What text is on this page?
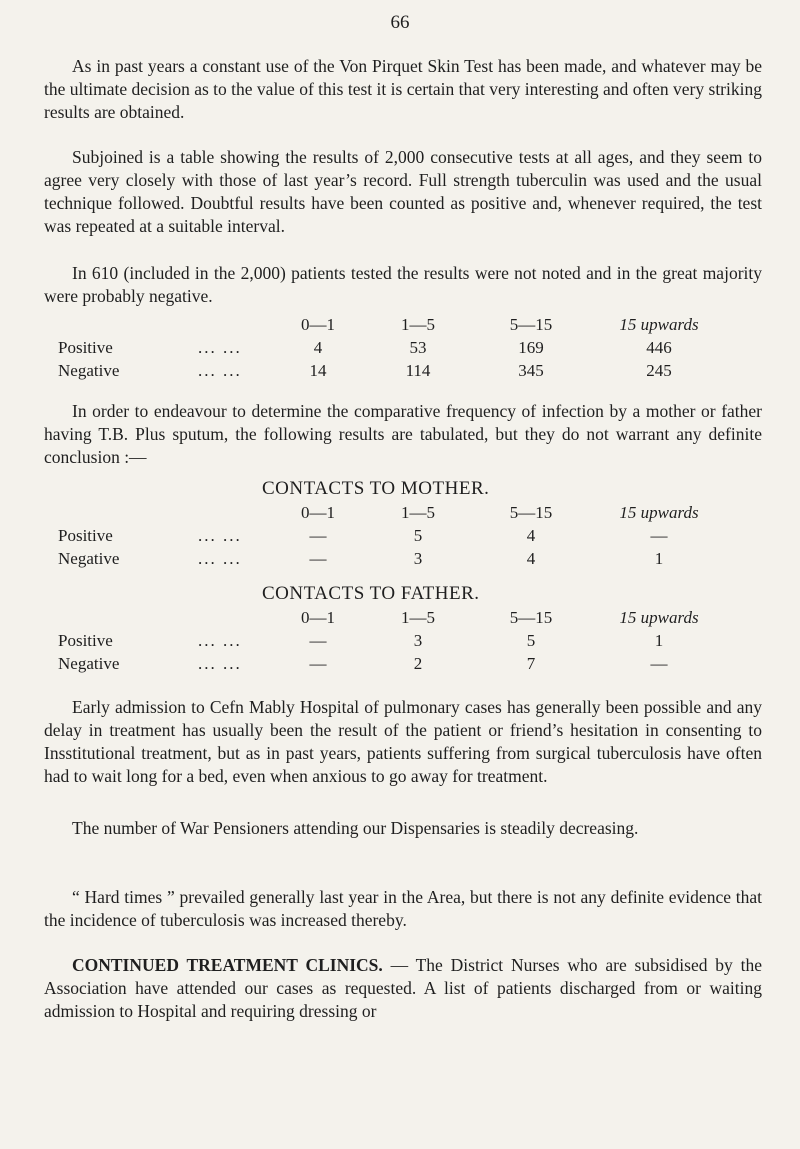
66

As in past years a constant use of the Von Pirquet Skin Test has been made, and whatever may be the ultimate decision as to the value of this test it is certain that very interesting and often very striking results are obtained.

Subjoined is a table showing the results of 2,000 consecutive tests at all ages, and they seem to agree very closely with those of last year’s record. Full strength tuberculin was used and the usual technique followed. Doubtful results have been counted as positive and, whenever required, the test was repeated at a suitable interval.

In 610 (included in the 2,000) patients tested the results were not noted and in the great majority were probably negative.

0—1	1—5	5—15	15 upwards
Positive	... ...	4	53	169	446
Negative	... ...	14	114	345	245

In order to endeavour to determine the comparative frequency of infection by a mother or father having T.B. Plus sputum, the following results are tabulated, but they do not warrant any definite conclusion :—

CONTACTS TO MOTHER.
0—1	1—5	5—15	15 upwards
Positive	... ...	—	5	4	—
Negative	... ...	—	3	4	1
CONTACTS TO FATHER.
0—1	1—5	5—15	15 upwards
Positive	... ...	—	3	5	1
Negative	... ...	—	2	7	—

Early admission to Cefn Mably Hospital of pulmonary cases has generally been possible and any delay in treatment has usually been the result of the patient or friend’s hesitation in consenting to Insstitutional treatment, but as in past years, patients suffering from surgical tuberculosis have often had to wait long for a bed, even when anxious to go away for treatment.

The number of War Pensioners attending our Dispensaries is steadily decreasing.

“ Hard times ” prevailed generally last year in the Area, but there is not any definite evidence that the incidence of tuberculosis was increased thereby.

CONTINUED TREATMENT CLINICS. — The District Nurses who are subsidised by the Association have attended our cases as requested. A list of patients discharged from or waiting admission to Hospital and requiring dressing or
